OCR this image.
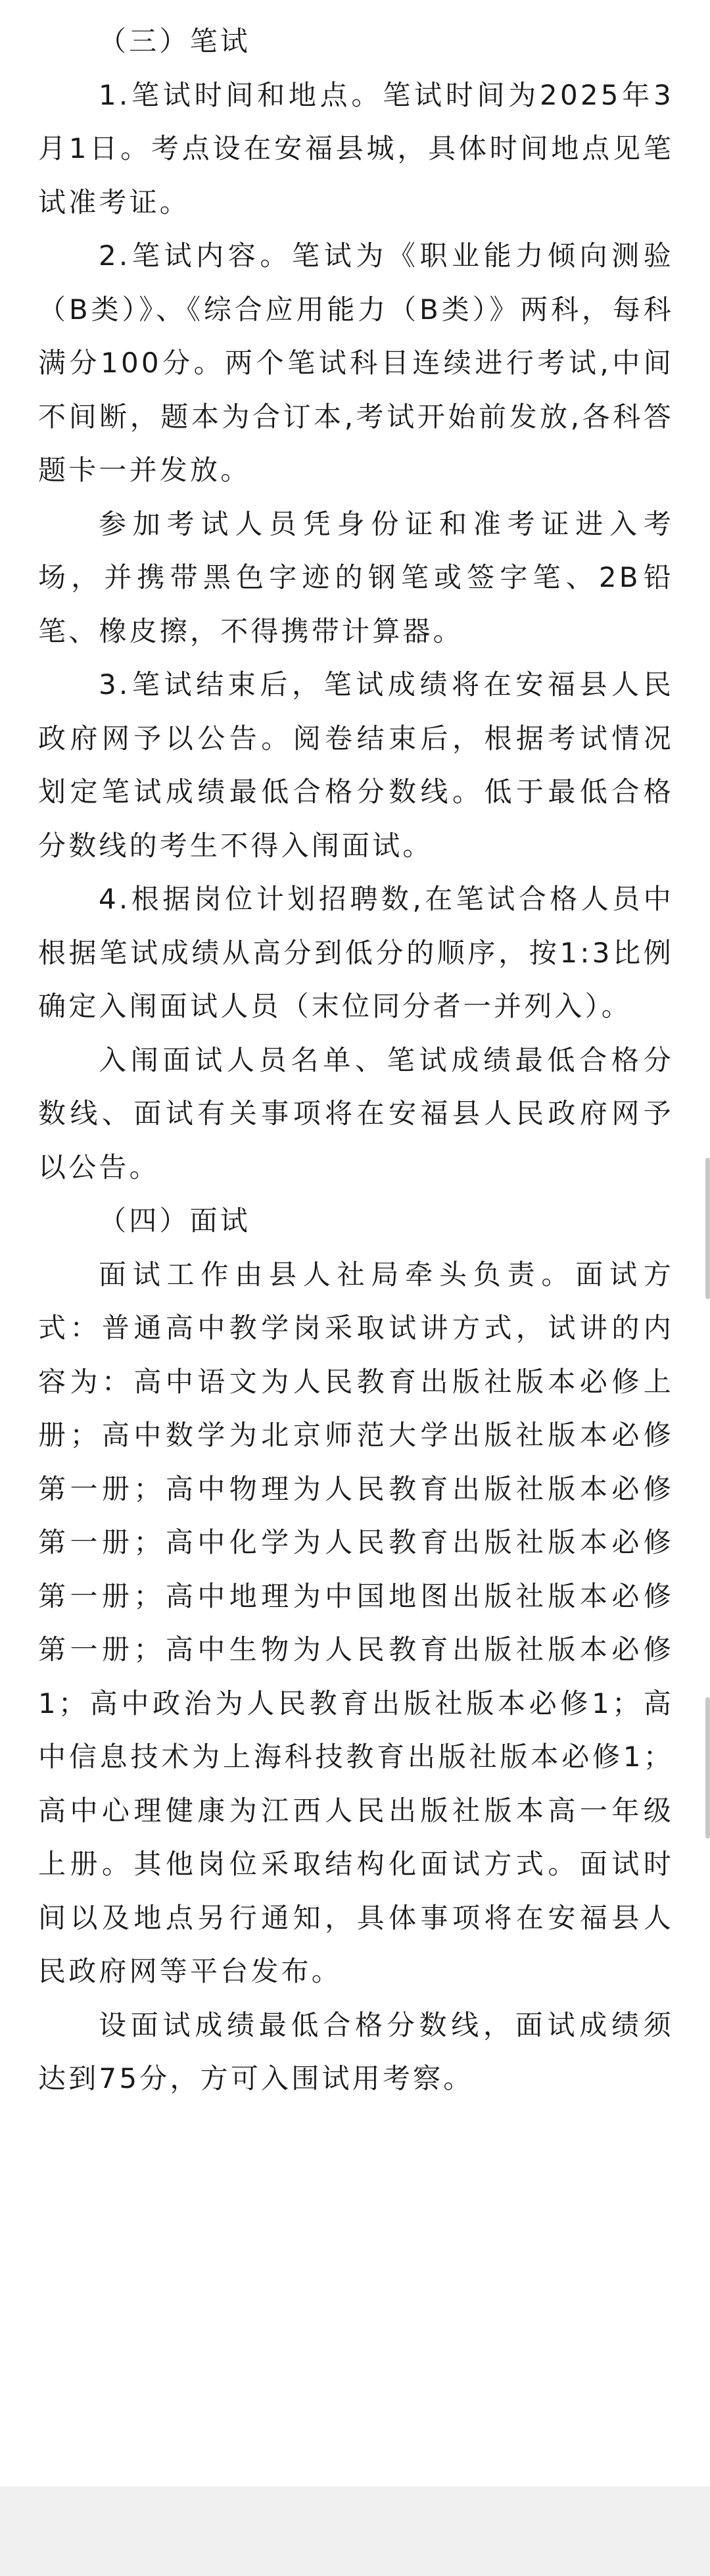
（三）笔试

1.笔试时间和地点。笔试时间为2025年3月1日。考点设在安福县城，具体时间地点见笔试准考证。

2.笔试内容。笔试为《职业能力倾向测验（B类）》、《综合应用能力（B类）》两科，每科满分100分。两个笔试科目连续进行考试,中间不间断，题本为合订本,考试开始前发放,各科答题卡一并发放。

参加考试人员凭身份证和准考证进入考场，并携带黑色字迹的钢笔或签字笔、2B铅笔、橡皮擦，不得携带计算器。

3.笔试结束后，笔试成绩将在安福县人民政府网予以公告。阅卷结束后，根据考试情况划定笔试成绩最低合格分数线。低于最低合格分数线的考生不得入闱面试。

4.根据岗位计划招聘数,在笔试合格人员中根据笔试成绩从高分到低分的顺序，按1:3比例确定入闱面试人员（末位同分者一并列入）。

入闱面试人员名单、笔试成绩最低合格分数线、面试有关事项将在安福县人民政府网予以公告。

（四）面试

面试工作由县人社局牵头负责。面试方式：普通高中教学岗采取试讲方式，试讲的内容为：高中语文为人民教育出版社版本必修上册；高中数学为北京师范大学出版社版本必修第一册；高中物理为人民教育出版社版本必修第一册；高中化学为人民教育出版社版本必修第一册；高中地理为中国地图出版社版本必修第一册；高中生物为人民教育出版社版本必修1；高中政治为人民教育出版社版本必修1；高中信息技术为上海科技教育出版社版本必修1；高中心理健康为江西人民出版社版本高一年级上册。其他岗位采取结构化面试方式。面试时间以及地点另行通知，具体事项将在安福县人民政府网等平台发布。

设面试成绩最低合格分数线，面试成绩须达到75分，方可入围试用考察。
